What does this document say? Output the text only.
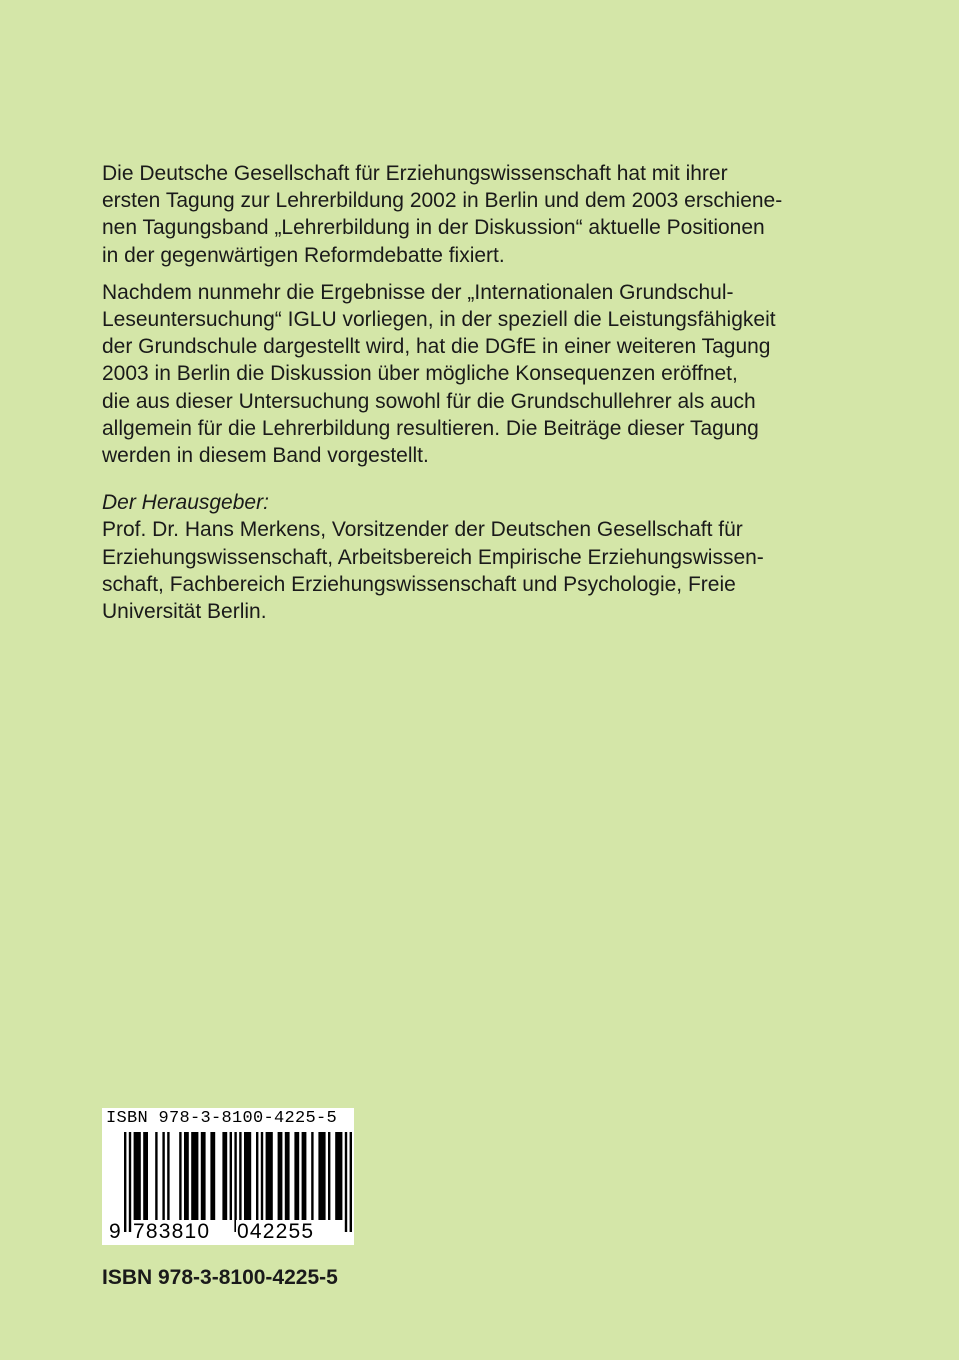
Die Deutsche Gesellschaft für Erziehungswissenschaft hat mit ihrer
ersten Tagung zur Lehrerbildung 2002 in Berlin und dem 2003 erschiene-
nen Tagungsband „Lehrerbildung in der Diskussion“ aktuelle Positionen
in der gegenwärtigen Reformdebatte fixiert.

Nachdem nunmehr die Ergebnisse der „Internationalen Grundschul-
Leseuntersuchung“ IGLU vorliegen, in der speziell die Leistungsfähigkeit
der Grundschule dargestellt wird, hat die DGfE in einer weiteren Tagung
2003 in Berlin die Diskussion über mögliche Konsequenzen eröffnet,
die aus dieser Untersuchung sowohl für die Grundschullehrer als auch
allgemein für die Lehrerbildung resultieren. Die Beiträge dieser Tagung
werden in diesem Band vorgestellt.

Der Herausgeber:
Prof. Dr. Hans Merkens, Vorsitzender der Deutschen Gesellschaft für
Erziehungswissenschaft, Arbeitsbereich Empirische Erziehungswissen-
schaft, Fachbereich Erziehungswissenschaft und Psychologie, Freie
Universität Berlin.
ISBN 978-3-8100-4225-5
9 783810 042255
ISBN 978-3-8100-4225-5
